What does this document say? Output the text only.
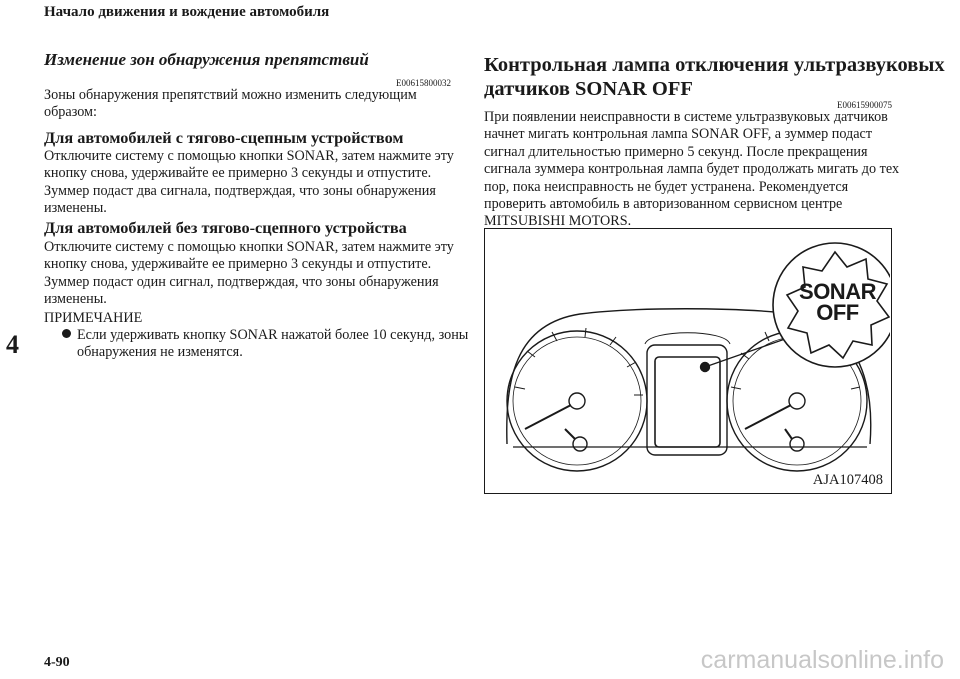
Начало движения и вождение автомобиля
4
Изменение зон обнаружения препятствий
E00615800032
Зоны обнаружения препятствий можно изменить следующим
образом:
Для автомобилей с тягово-сцепным устройством
Отключите систему с помощью кнопки SONAR, затем нажмите эту
кнопку снова, удерживайте ее примерно 3 секунды и отпустите.
Зуммер подаст два сигнала, подтверждая, что зоны обнаружения
изменены.
Для автомобилей без тягово-сцепного устройства
Отключите систему с помощью кнопки SONAR, затем нажмите эту
кнопку снова, удерживайте ее примерно 3 секунды и отпустите.
Зуммер подаст один сигнал, подтверждая, что зоны обнаружения
изменены.
ПРИМЕЧАНИЕ
Если удерживать кнопку SONAR нажатой более 10 секунд, зоны
обнаружения не изменятся.
Контрольная лампа отключения ультразвуковых
датчиков SONAR OFF
E00615900075
При появлении неисправности в системе ультразвуковых датчиков
начнет мигать контрольная лампа SONAR OFF, а зуммер подаст
сигнал длительностью примерно 5 секунд. После прекращения
сигнала зуммера контрольная лампа будет продолжать мигать до тех
пор, пока неисправность не будет устранена. Рекомендуется
проверить автомобиль в авторизованном сервисном центре
MITSUBISHI MOTORS.
SONAR
OFF
AJA107408
4-90	carmanualsonline.info
